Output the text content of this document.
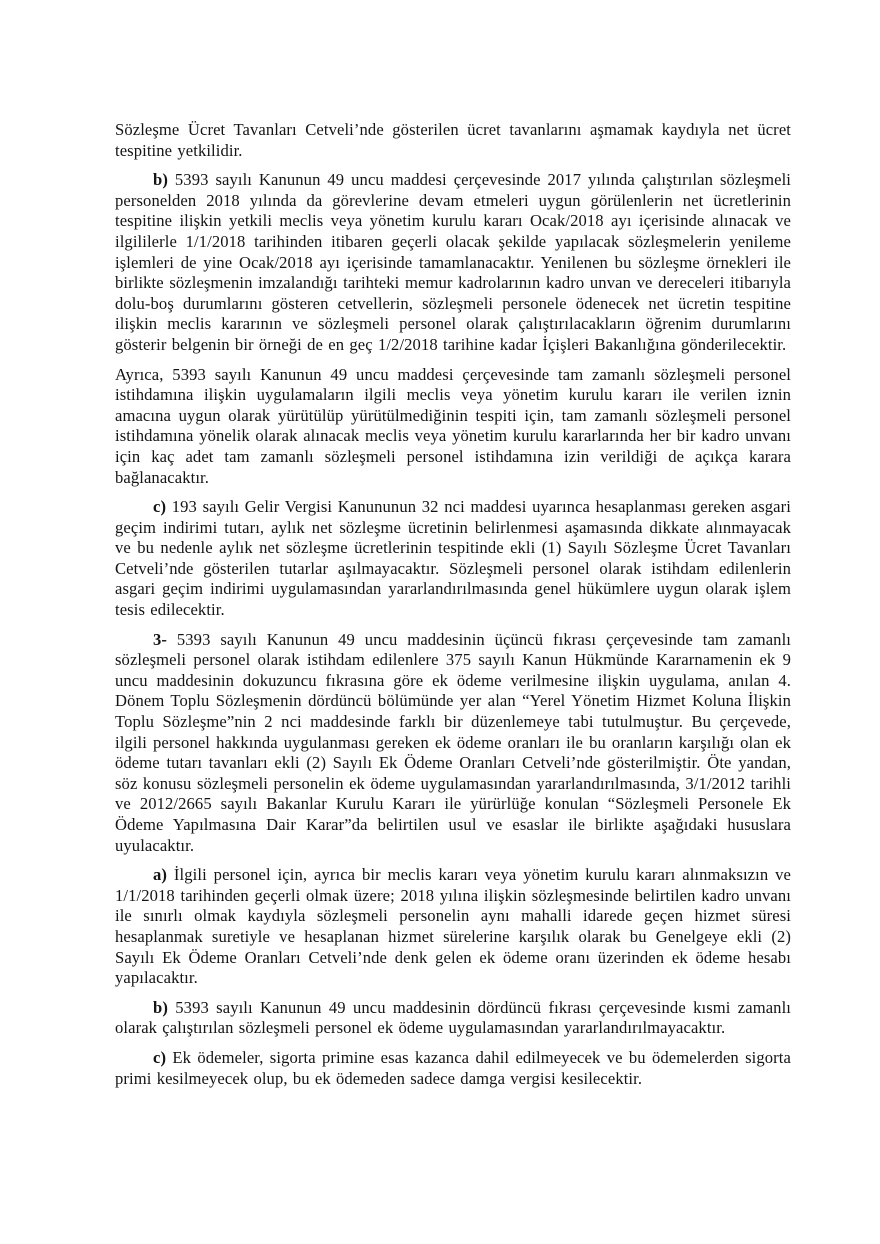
Sözleşme Ücret Tavanları Cetveli’nde gösterilen ücret tavanlarını aşmamak kaydıyla net ücret tespitine yetkilidir.

b) 5393 sayılı Kanunun 49 uncu maddesi çerçevesinde 2017 yılında çalıştırılan sözleşmeli personelden 2018 yılında da görevlerine devam etmeleri uygun görülenlerin net ücretlerinin tespitine ilişkin yetkili meclis veya yönetim kurulu kararı Ocak/2018 ayı içerisinde alınacak ve ilgililerle 1/1/2018 tarihinden itibaren geçerli olacak şekilde yapılacak sözleşmelerin yenileme işlemleri de yine Ocak/2018 ayı içerisinde tamamlanacaktır. Yenilenen bu sözleşme örnekleri ile birlikte sözleşmenin imzalandığı tarihteki memur kadrolarının kadro unvan ve dereceleri itibarıyla dolu-boş durumlarını gösteren cetvellerin, sözleşmeli personele ödenecek net ücretin tespitine ilişkin meclis kararının ve sözleşmeli personel olarak çalıştırılacakların öğrenim durumlarını gösterir belgenin bir örneği de en geç 1/2/2018 tarihine kadar İçişleri Bakanlığına gönderilecektir.

Ayrıca, 5393 sayılı Kanunun 49 uncu maddesi çerçevesinde tam zamanlı sözleşmeli personel istihdamına ilişkin uygulamaların ilgili meclis veya yönetim kurulu kararı ile verilen iznin amacına uygun olarak yürütülüp yürütülmediğinin tespiti için, tam zamanlı sözleşmeli personel istihdamına yönelik olarak alınacak meclis veya yönetim kurulu kararlarında her bir kadro unvanı için kaç adet tam zamanlı sözleşmeli personel istihdamına izin verildiği de açıkça karara bağlanacaktır.

c) 193 sayılı Gelir Vergisi Kanununun 32 nci maddesi uyarınca hesaplanması gereken asgari geçim indirimi tutarı, aylık net sözleşme ücretinin belirlenmesi aşamasında dikkate alınmayacak ve bu nedenle aylık net sözleşme ücretlerinin tespitinde ekli (1) Sayılı Sözleşme Ücret Tavanları Cetveli’nde gösterilen tutarlar aşılmayacaktır. Sözleşmeli personel olarak istihdam edilenlerin asgari geçim indirimi uygulamasından yararlandırılmasında genel hükümlere uygun olarak işlem tesis edilecektir.

3- 5393 sayılı Kanunun 49 uncu maddesinin üçüncü fıkrası çerçevesinde tam zamanlı sözleşmeli personel olarak istihdam edilenlere 375 sayılı Kanun Hükmünde Kararnamenin ek 9 uncu maddesinin dokuzuncu fıkrasına göre ek ödeme verilmesine ilişkin uygulama, anılan 4. Dönem Toplu Sözleşmenin dördüncü bölümünde yer alan “Yerel Yönetim Hizmet Koluna İlişkin Toplu Sözleşme”nin 2 nci maddesinde farklı bir düzenlemeye tabi tutulmuştur. Bu çerçevede, ilgili personel hakkında uygulanması gereken ek ödeme oranları ile bu oranların karşılığı olan ek ödeme tutarı tavanları ekli (2) Sayılı Ek Ödeme Oranları Cetveli’nde gösterilmiştir. Öte yandan, söz konusu sözleşmeli personelin ek ödeme uygulamasından yararlandırılmasında, 3/1/2012 tarihli ve 2012/2665 sayılı Bakanlar Kurulu Kararı ile yürürlüğe konulan “Sözleşmeli Personele Ek Ödeme Yapılmasına Dair Karar”da belirtilen usul ve esaslar ile birlikte aşağıdaki hususlara uyulacaktır.

a) İlgili personel için, ayrıca bir meclis kararı veya yönetim kurulu kararı alınmaksızın ve 1/1/2018 tarihinden geçerli olmak üzere; 2018 yılına ilişkin sözleşmesinde belirtilen kadro unvanı ile sınırlı olmak kaydıyla sözleşmeli personelin aynı mahalli idarede geçen hizmet süresi hesaplanmak suretiyle ve hesaplanan hizmet sürelerine karşılık olarak bu Genelgeye ekli (2) Sayılı Ek Ödeme Oranları Cetveli’nde denk gelen ek ödeme oranı üzerinden ek ödeme hesabı yapılacaktır.

b) 5393 sayılı Kanunun 49 uncu maddesinin dördüncü fıkrası çerçevesinde kısmi zamanlı olarak çalıştırılan sözleşmeli personel ek ödeme uygulamasından yararlandırılmayacaktır.

c) Ek ödemeler, sigorta primine esas kazanca dahil edilmeyecek ve bu ödemelerden sigorta primi kesilmeyecek olup, bu ek ödemeden sadece damga vergisi kesilecektir.
